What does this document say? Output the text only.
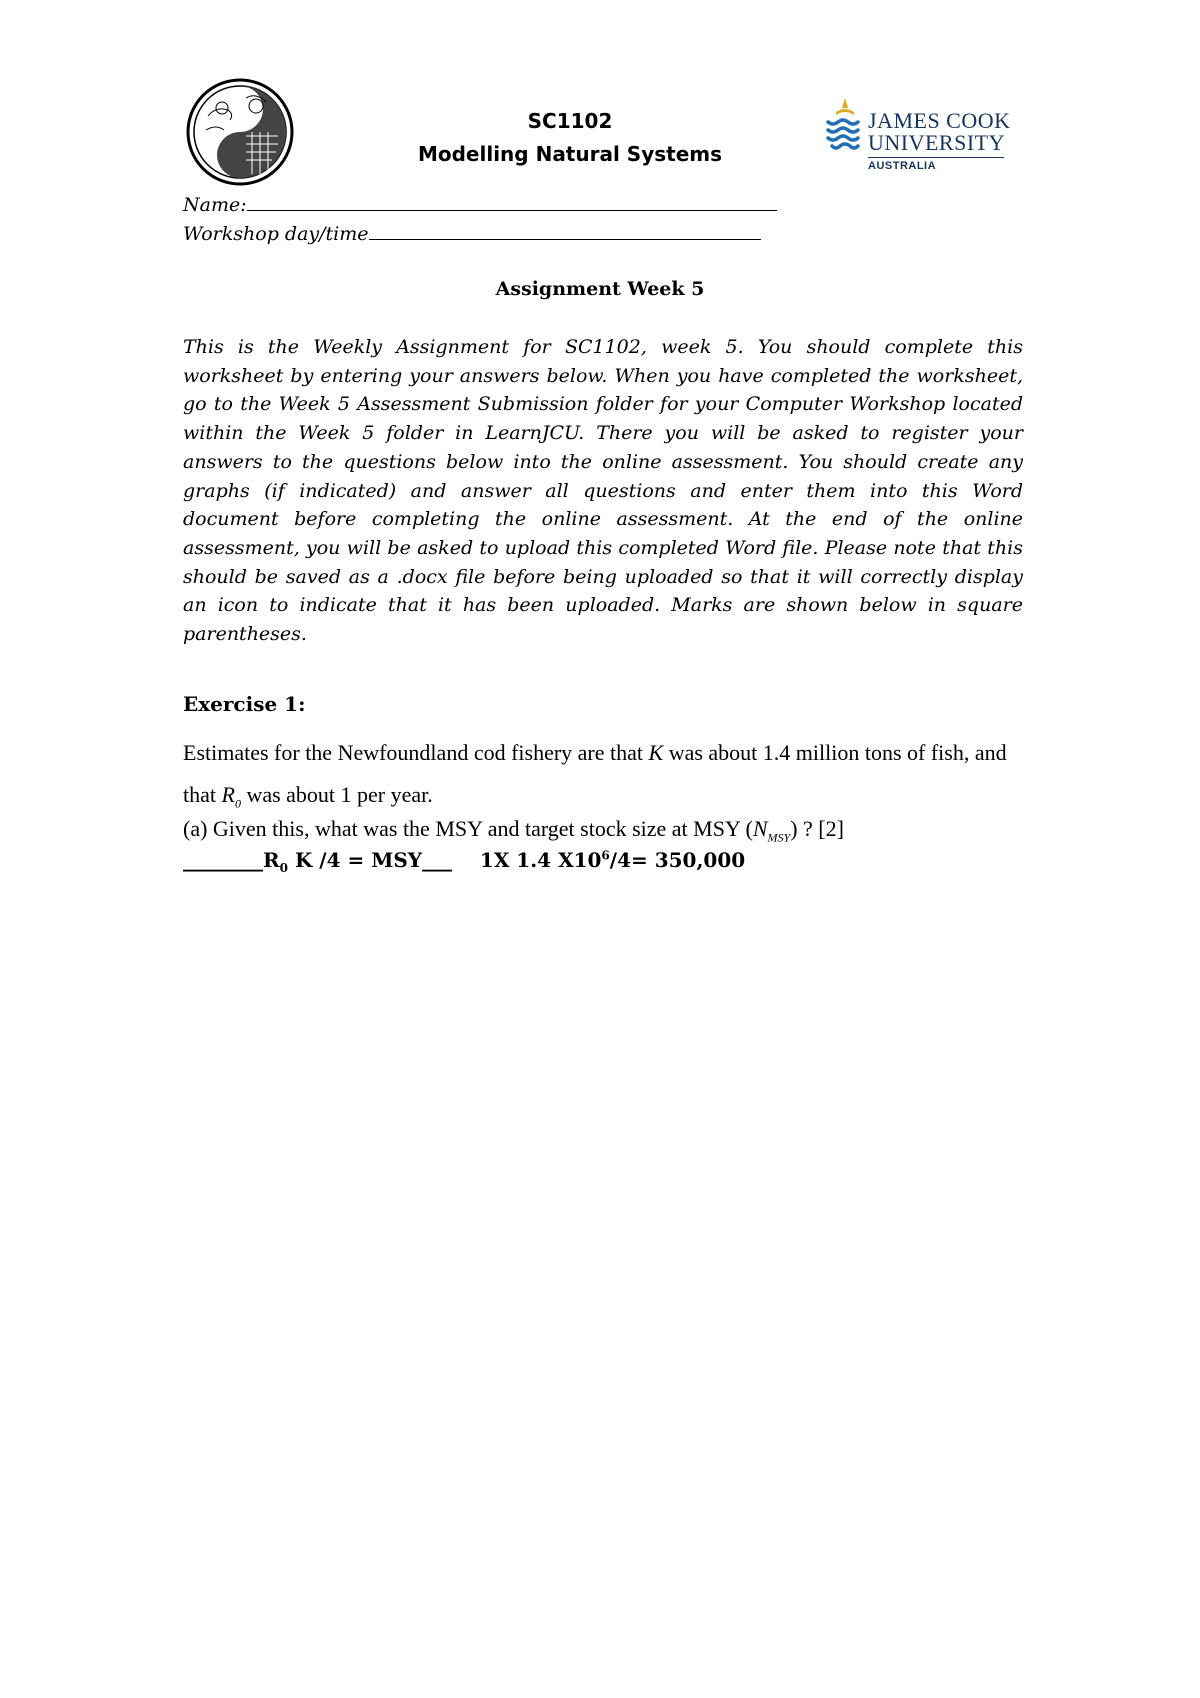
SC1102
Modelling Natural Systems
JAMES COOK
UNIVERSITY
AUSTRALIA
Name:
Workshop day/time
Assignment Week 5
This is the Weekly Assignment for SC1102, week 5. You should complete this worksheet by entering your answers below. When you have completed the worksheet, go to the Week 5 Assessment Submission folder for your Computer Workshop located within the Week 5 folder in LearnJCU. There you will be asked to register your answers to the questions below into the online assessment. You should create any graphs (if indicated) and answer all questions and enter them into this Word document before completing the online assessment. At the end of the online assessment, you will be asked to upload this completed Word file. Please note that this should be saved as a .docx file before being uploaded so that it will correctly display an icon to indicate that it has been uploaded. Marks are shown below in square parentheses.
Exercise 1:
Estimates for the Newfoundland cod fishery are that K was about 1.4 million tons of fish, and that $R_0$ was about 1 per year.
(a) Given this, what was the MSY and target stock size at MSY $(N_{MSY})$ ? [2]
$\_\_\_\_\_\_\_\_R_0$ K /4 = MSY___    1X 1.4 $X10^6/4= 350,000$
